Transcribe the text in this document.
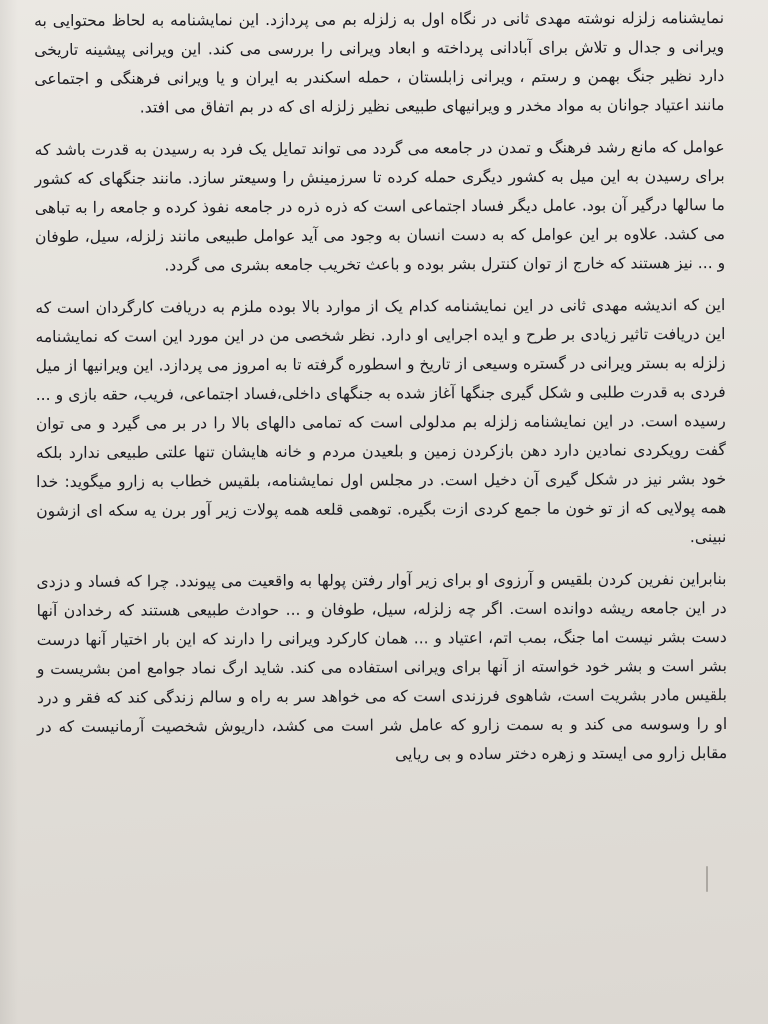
نمایشنامه زلزله نوشته مهدی ثانی در نگاه اول به زلزله بم می پردازد. این نمایشنامه به لحاظ محتوایی به ویرانی و جدال و تلاش برای آبادانی پرداخته و ابعاد ویرانی را بررسی می کند. این ویرانی پیشینه تاریخی دارد نظیر جنگ بهمن و رستم ، ویرانی زابلستان ، حمله اسکندر به ایران و یا ویرانی فرهنگی و اجتماعی مانند اعتیاد جوانان به مواد مخدر و ویرانیهای طبیعی نظیر زلزله ای که در بم اتفاق می افتد.

عوامل که مانع رشد فرهنگ و تمدن در جامعه می گردد می تواند تمایل یک فرد به رسیدن به قدرت باشد که برای رسیدن به این میل به کشور دیگری حمله کرده تا سرزمینش را وسیعتر سازد. مانند جنگهای که کشور ما سالها درگیر آن بود. عامل دیگر فساد اجتماعی است که ذره ذره در جامعه نفوذ کرده و جامعه را به تباهی می کشد. علاوه بر این عوامل که به دست انسان به وجود می آید عوامل طبیعی مانند زلزله، سیل، طوفان و ... نیز هستند که خارج از توان کنترل بشر بوده و باعث تخریب جامعه بشری می گردد.

این که اندیشه مهدی ثانی در این نمایشنامه کدام یک از موارد بالا بوده ملزم به دریافت کارگردان است که این دریافت تاثیر زیادی بر طرح و ایده اجرایی او دارد. نظر شخصی من در این مورد این است که نمایشنامه زلزله به بستر ویرانی در گستره وسیعی از تاریخ و اسطوره گرفته تا به امروز می پردازد. این ویرانیها از میل فردی به قدرت طلبی و شکل گیری جنگها آغاز شده به جنگهای داخلی،فساد اجتماعی، فریب، حقه بازی و ... رسیده است. در این نمایشنامه زلزله بم مدلولی است که تمامی دالهای بالا را در بر می گیرد و می توان گفت رویکردی نمادین دارد دهن بازکردن زمین و بلعیدن مردم و خانه هایشان تنها علتی طبیعی ندارد بلکه خود بشر نیز در شکل گیری آن دخیل است. در مجلس اول نمایشنامه، بلقیس خطاب به زارو میگوید: خدا همه پولایی که از تو خون ما جمع کردی ازت بگیره. توهمی قلعه همه پولات زیر آور برن یه سکه ای ازشون نبینی.

بنابراین نفرین کردن بلقیس و آرزوی او برای زیر آوار رفتن پولها به واقعیت می پیوندد. چرا که فساد و دزدی در این جامعه ریشه دوانده است. اگر چه زلزله، سیل، طوفان و ... حوادث طبیعی هستند که رخدادن آنها دست بشر نیست اما جنگ، بمب اتم، اعتیاد و ... همان کارکرد ویرانی را دارند که این بار اختیار آنها درست بشر است و بشر خود خواسته از آنها برای ویرانی استفاده می کند. شاید ارگ نماد جوامع امن بشریست و بلقیس مادر بشریت است، شاهوی فرزندی است که می خواهد سر به راه و سالم زندگی کند که فقر و درد او را وسوسه می کند و به سمت زارو که عامل شر است می کشد، داریوش شخصیت آرمانیست که در مقابل زارو می ایستد و زهره دختر ساده و بی ریایی
